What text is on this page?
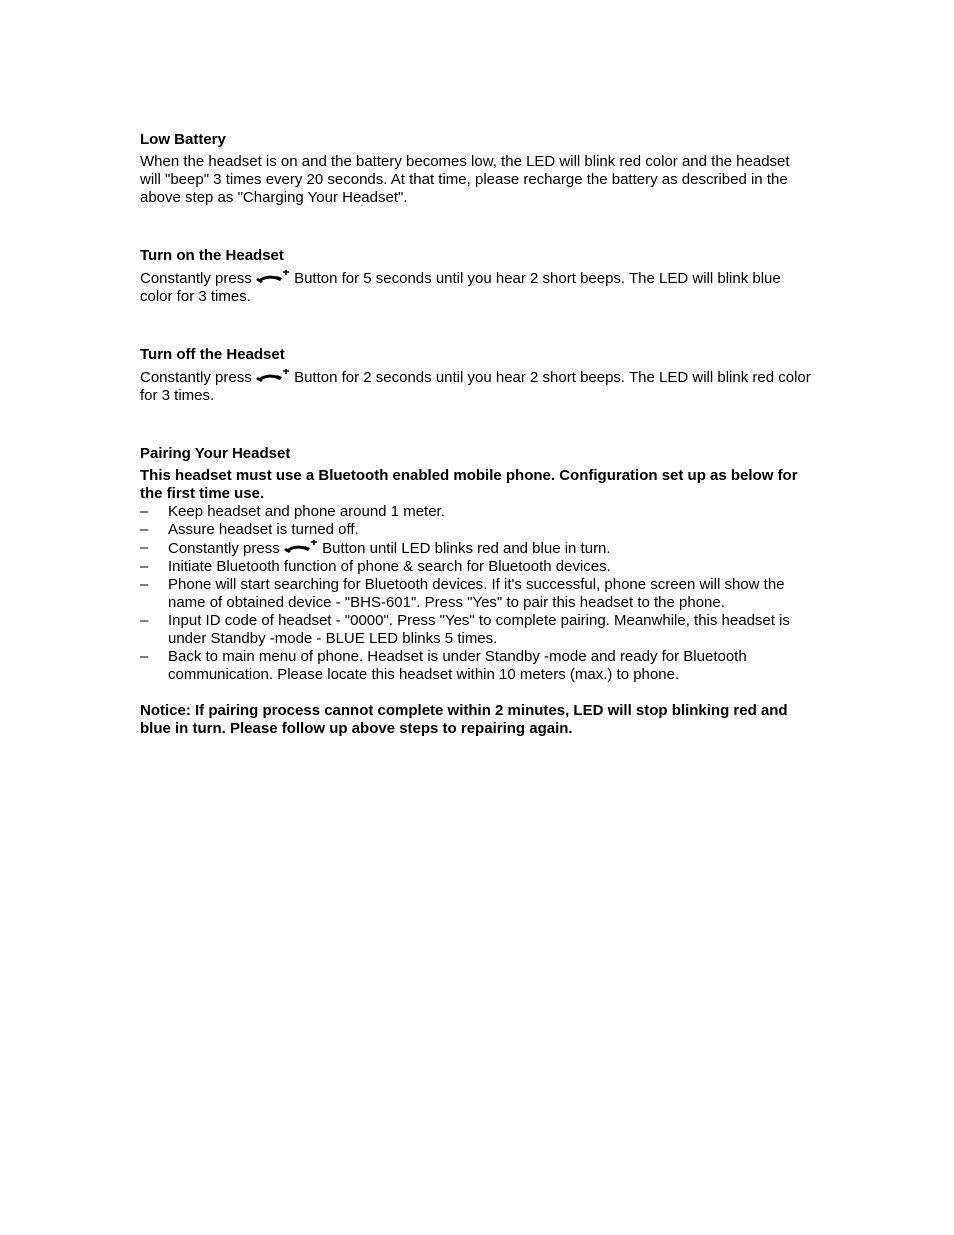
Low Battery

When the headset is on and the battery becomes low, the LED will blink red color and the headset will "beep" 3 times every 20 seconds. At that time, please recharge the battery as described in the above step as "Charging Your Headset".

Turn on the Headset

Constantly press	Button for 5 seconds until you hear 2 short beeps. The LED will blink blue color for 3 times.

Turn off the Headset

Constantly press	Button for 2 seconds until you hear 2 short beeps. The LED will blink red color for 3 times.

Pairing Your Headset

This headset must use a Bluetooth enabled mobile phone. Configuration set up as below for the first time use.

– Keep headset and phone around 1 meter.
– Assure headset is turned off.
– Constantly press	Button until LED blinks red and blue in turn.
– Initiate Bluetooth function of phone & search for Bluetooth devices.
– Phone will start searching for Bluetooth devices. If it's successful, phone screen will show the name of obtained device - "BHS-601". Press "Yes" to pair this headset to the phone.
– Input ID code of headset - "0000". Press "Yes" to complete pairing. Meanwhile, this headset is under Standby -mode - BLUE LED blinks 5 times.
– Back to main menu of phone. Headset is under Standby -mode and ready for Bluetooth communication. Please locate this headset within 10 meters (max.) to phone.

Notice: If pairing process cannot complete within 2 minutes, LED will stop blinking red and blue in turn. Please follow up above steps to repairing again.
